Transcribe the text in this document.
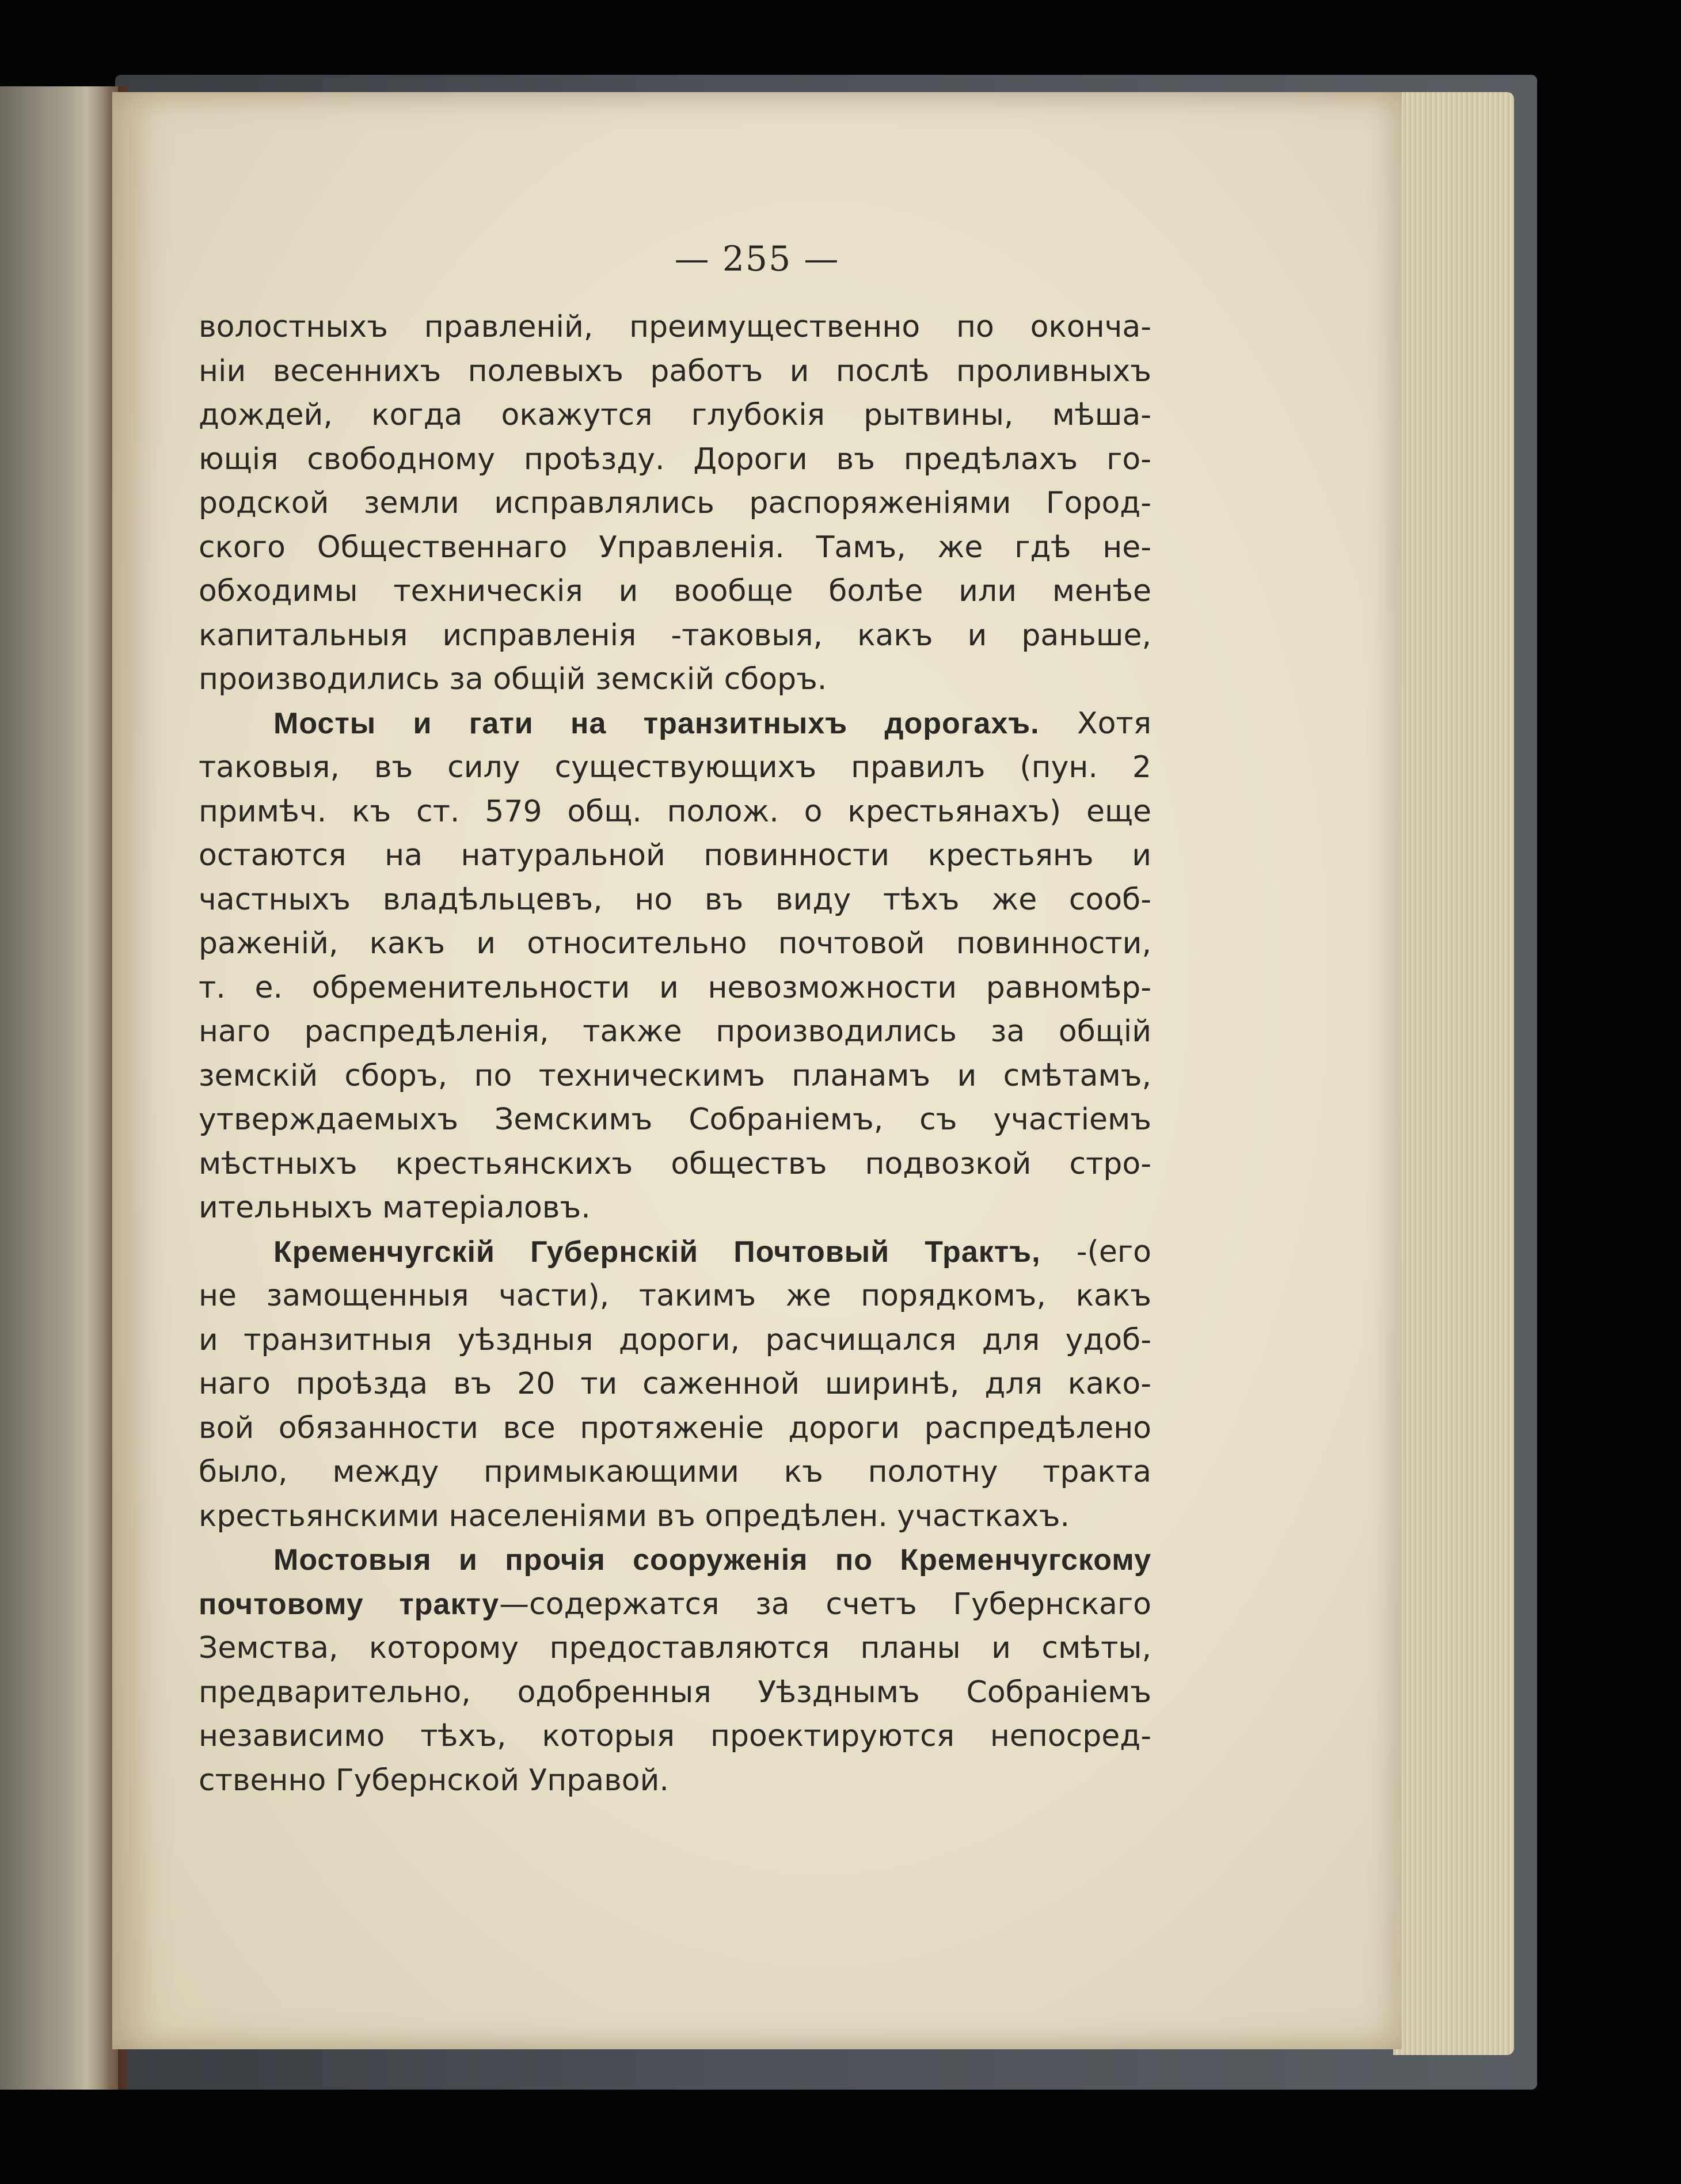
— 255 —
волостныхъ правленій, преимущественно по оконча-
ніи весеннихъ полевыхъ работъ и послѣ проливныхъ
дождей, когда окажутся глубокія рытвины, мѣша-
ющія свободному проѣзду. Дороги въ предѣлахъ го-
родской земли исправлялись распоряженіями Город-
ского Общественнаго Управленія. Тамъ, же гдѣ не-
обходимы техническія и вообще болѣе или менѣе
капитальныя исправленія -таковыя, какъ и раньше,
производились за общій земскій сборъ.
Мосты и гати на транзитныхъ дорогахъ. Хотя
таковыя, въ силу существующихъ правилъ (пун. 2
примѣч. къ ст. 579 общ. полож. о крестьянахъ) еще
остаются на натуральной повинности крестьянъ и
частныхъ владѣльцевъ, но въ виду тѣхъ же сооб-
раженій, какъ и относительно почтовой повинности,
т. е. обременительности и невозможности равномѣр-
наго распредѣленія, также производились за общій
земскій сборъ, по техническимъ планамъ и смѣтамъ,
утверждаемыхъ Земскимъ Собраніемъ, съ участіемъ
мѣстныхъ крестьянскихъ обществъ подвозкой стро-
ительныхъ матеріаловъ.
Кременчугскій Губернскій Почтовый Трактъ, -(его
не замощенныя части), такимъ же порядкомъ, какъ
и транзитныя уѣздныя дороги, расчищался для удоб-
наго проѣзда въ 20 ти саженной ширинѣ, для како-
вой обязанности все протяженіе дороги распредѣлено
было, между примыкающими къ полотну тракта
крестьянскими населеніями въ опредѣлен. участкахъ.
Мостовыя и прочія сооруженія по Кременчугскому
почтовому тракту—содержатся за счетъ Губернскаго
Земства, которому предоставляются планы и смѣты,
предварительно, одобренныя Уѣзднымъ Собраніемъ
независимо тѣхъ, которыя проектируются непосред-
ственно Губернской Управой.
